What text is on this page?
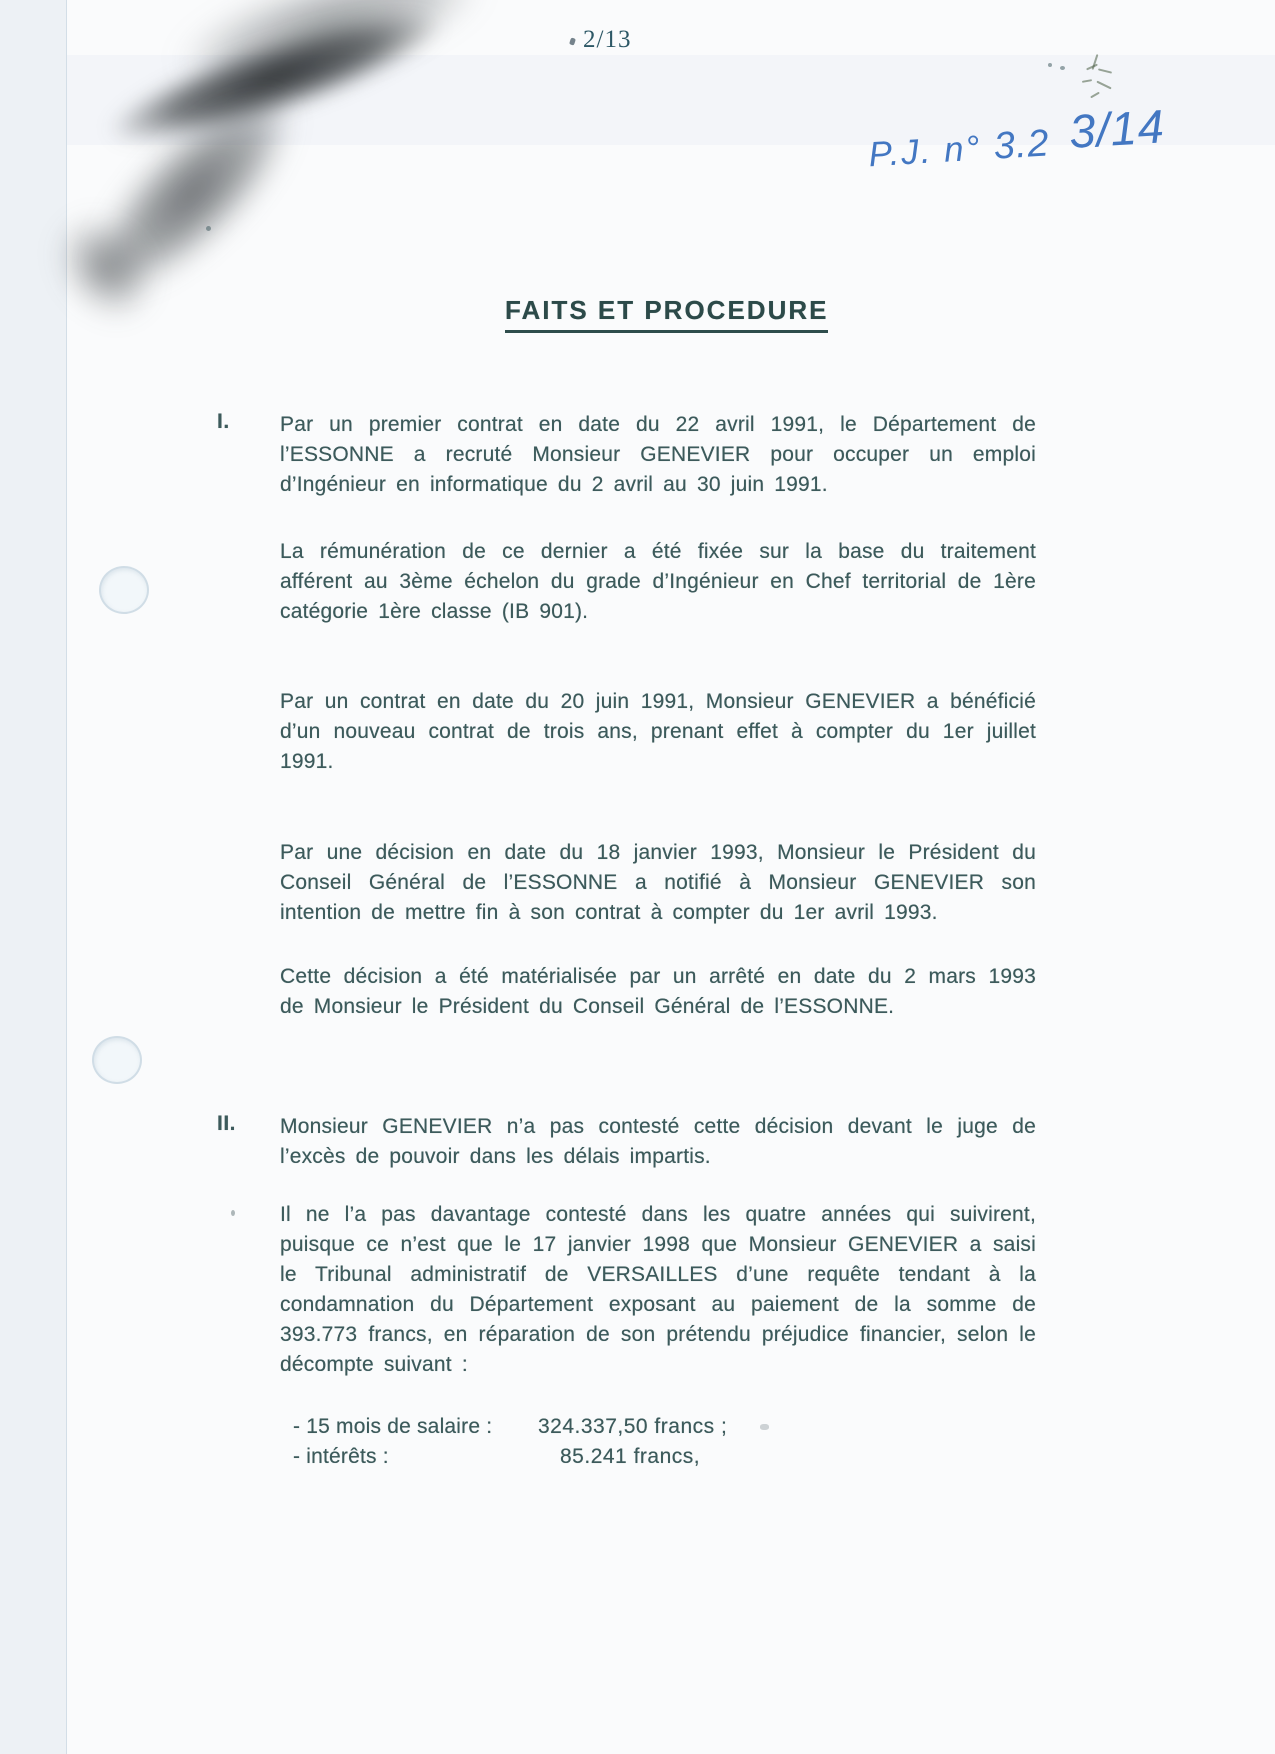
2/13
P.J. n° 3.2 3/14
FAITS ET PROCEDURE
I.	Par un premier contrat en date du 22 avril 1991, le Département de l’ESSONNE a recruté Monsieur GENEVIER pour occuper un emploi d’Ingénieur en informatique du 2 avril au 30 juin 1991.

La rémunération de ce dernier a été fixée sur la base du traitement afférent au 3ème échelon du grade d’Ingénieur en Chef territorial de 1ère catégorie 1ère classe (IB 901).

Par un contrat en date du 20 juin 1991, Monsieur GENEVIER a bénéficié d’un nouveau contrat de trois ans, prenant effet à compter du 1er juillet 1991.

Par une décision en date du 18 janvier 1993, Monsieur le Président du Conseil Général de l’ESSONNE a notifié à Monsieur GENEVIER son intention de mettre fin à son contrat à compter du 1er avril 1993.

Cette décision a été matérialisée par un arrêté en date du 2 mars 1993 de Monsieur le Président du Conseil Général de l’ESSONNE.

II.	Monsieur GENEVIER n’a pas contesté cette décision devant le juge de l’excès de pouvoir dans les délais impartis.

Il ne l’a pas davantage contesté dans les quatre années qui suivirent, puisque ce n’est que le 17 janvier 1998 que Monsieur GENEVIER a saisi le Tribunal administratif de VERSAILLES d’une requête tendant à la condamnation du Département exposant au paiement de la somme de 393.773 francs, en réparation de son prétendu préjudice financier, selon le décompte suivant :

- 15 mois de salaire :	324.337,50 francs ;
- intérêts :	85.241 francs,
